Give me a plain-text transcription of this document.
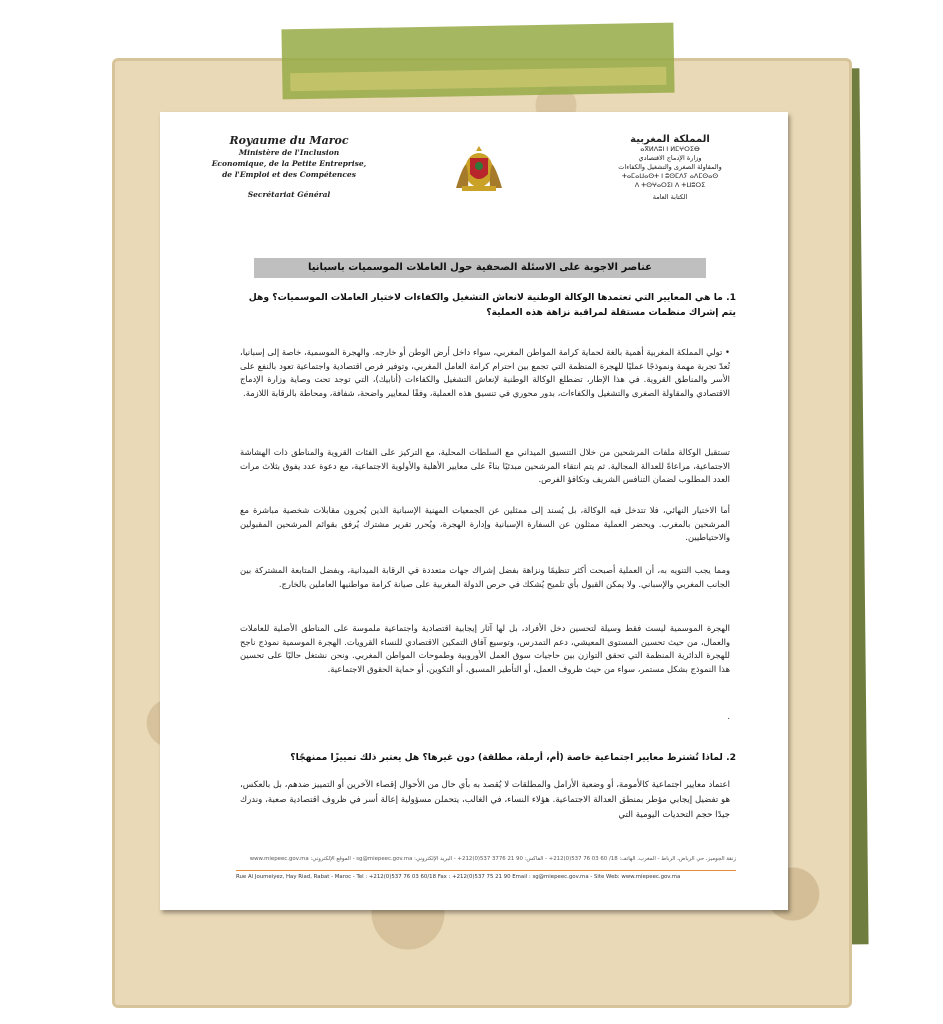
Royaume du Maroc
Ministère de l'Inclusion
Economique, de la Petite Entreprise,
de l'Emploi et des Compétences
Secrétariat Général
المملكة المغربية
ⴰⴳⵍⴷⵓⵏ ⵏ ⵍⵎⵖⵔⵉⴱ
وزارة الإدماج الاقتصادي
والمقاولة الصغرى والتشغيل والكفاءات
ⵜⴰⵎⴰⵡⴰⵙⵜ ⵏ ⵓⵙⵎⴷⵢ ⴰⴷⵎⵙⴰⵙ
ⴷ ⵜⵙⵖⴰⵔⵉⵏ ⴷ ⵜⵡⵓⵔⵉ
الكتابة العامة
عناصر الاجوبة على الاسئلة الصحفية حول العاملات الموسميات باسبانيا
1. ما هي المعايير التي تعتمدها الوكالة الوطنية لانعاش التشغيل والكفاءات لاختيار العاملات الموسميات؟ وهل يتم إشراك منظمات مستقلة لمراقبة نزاهة هذه العملية؟
• تولي المملكة المغربية أهمية بالغة لحماية كرامة المواطن المغربي، سواء داخل أرض الوطن أو خارجه. والهجرة الموسمية، خاصة إلى إسبانيا، تُعدّ تجربة مهمة ونموذجًا عمليًا للهجرة المنظمة التي تجمع بين احترام كرامة العامل المغربي، وتوفير فرص اقتصادية واجتماعية تعود بالنفع على الأسر والمناطق القروية. في هذا الإطار، تضطلع الوكالة الوطنية لإنعاش التشغيل والكفاءات (أنابيك)، التي توجد تحت وصاية وزارة الإدماج الاقتصادي والمقاولة الصغرى والتشغيل والكفاءات، بدور محوري في تنسيق هذه العملية، وفقًا لمعايير واضحة، شفافة، ومحاطة بالرقابة اللازمة.
تستقبل الوكالة ملفات المرشحين من خلال التنسيق الميداني مع السلطات المحلية، مع التركيز على الفئات القروية والمناطق ذات الهشاشة الاجتماعية، مراعاةً للعدالة المجالية. ثم يتم انتقاء المرشحين مبدئيًا بناءً على معايير الأهلية والأولوية الاجتماعية، مع دعوة عدد يفوق بثلاث مرات العدد المطلوب لضمان التنافس الشريف وتكافؤ الفرص.
أما الاختيار النهائي، فلا تتدخل فيه الوكالة، بل يُسند إلى ممثلين عن الجمعيات المهنية الإسبانية الذين يُجرون مقابلات شخصية مباشرة مع المرشحين بالمغرب. ويحضر العملية ممثلون عن السفارة الإسبانية وإدارة الهجرة، ويُحرر تقرير مشترك يُرفق بقوائم المرشحين المقبولين والاحتياطيين.
ومما يجب التنويه به، أن العملية أصبحت أكثر تنظيمًا ونزاهة بفضل إشراك جهات متعددة في الرقابة الميدانية، وبفضل المتابعة المشتركة بين الجانب المغربي والإسباني. ولا يمكن القبول بأي تلميح يُشكك في حرص الدولة المغربية على صيانة كرامة مواطنيها العاملين بالخارج.
الهجرة الموسمية ليست فقط وسيلة لتحسين دخل الأفراد، بل لها آثار إيجابية اقتصادية واجتماعية ملموسة على المناطق الأصلية للعاملات والعمال، من حيث تحسين المستوى المعيشي، دعم التمدرس، وتوسيع آفاق التمكين الاقتصادي للنساء القرويات. الهجرة الموسمية نموذج ناجح للهجرة الدائرية المنظمة التي تحقق التوازن بين حاجيات سوق العمل الأوروبية وطموحات المواطن المغربي. ونحن نشتغل حاليًا على تحسين هذا النموذج بشكل مستمر، سواء من حيث ظروف العمل، أو التأطير المسبق، أو التكوين، أو حماية الحقوق الاجتماعية.
.
2. لماذا تُشترط معايير اجتماعية خاصة (أم، أرملة، مطلقة) دون غيرها؟ هل يعتبر ذلك تمييزًا ممنهجًا؟
اعتماد معايير اجتماعية كالأمومة، أو وضعية الأرامل والمطلقات لا يُقصد به بأي حال من الأحوال إقصاء الآخرين أو التمييز ضدهم، بل بالعكس، هو تفضيل إيجابي مؤطر بمنطق العدالة الاجتماعية. هؤلاء النساء، في الغالب، يتحملن مسؤولية إعالة أسر في ظروف اقتصادية صعبة، وندرك جيدًا حجم التحديات اليومية التي
زنقة الجوميز، حي الرياض، الرباط - المغرب. الهاتف: 18/ 60 03 76 537(0)212+ - الفاكس: 90 21 3776 537(0)212+ - البريد الإلكتروني: sg@miepeec.gov.ma - الموقع الإلكتروني: www.miepeec.gov.ma
Rue Al Joumeiyez, Hay Riad, Rabat - Maroc - Tel : +212(0)537 76 03 60/18 Fax : +212(0)537 75 21 90 Email : sg@miepeec.gov.ma - Site Web: www.miepeec.gov.ma
